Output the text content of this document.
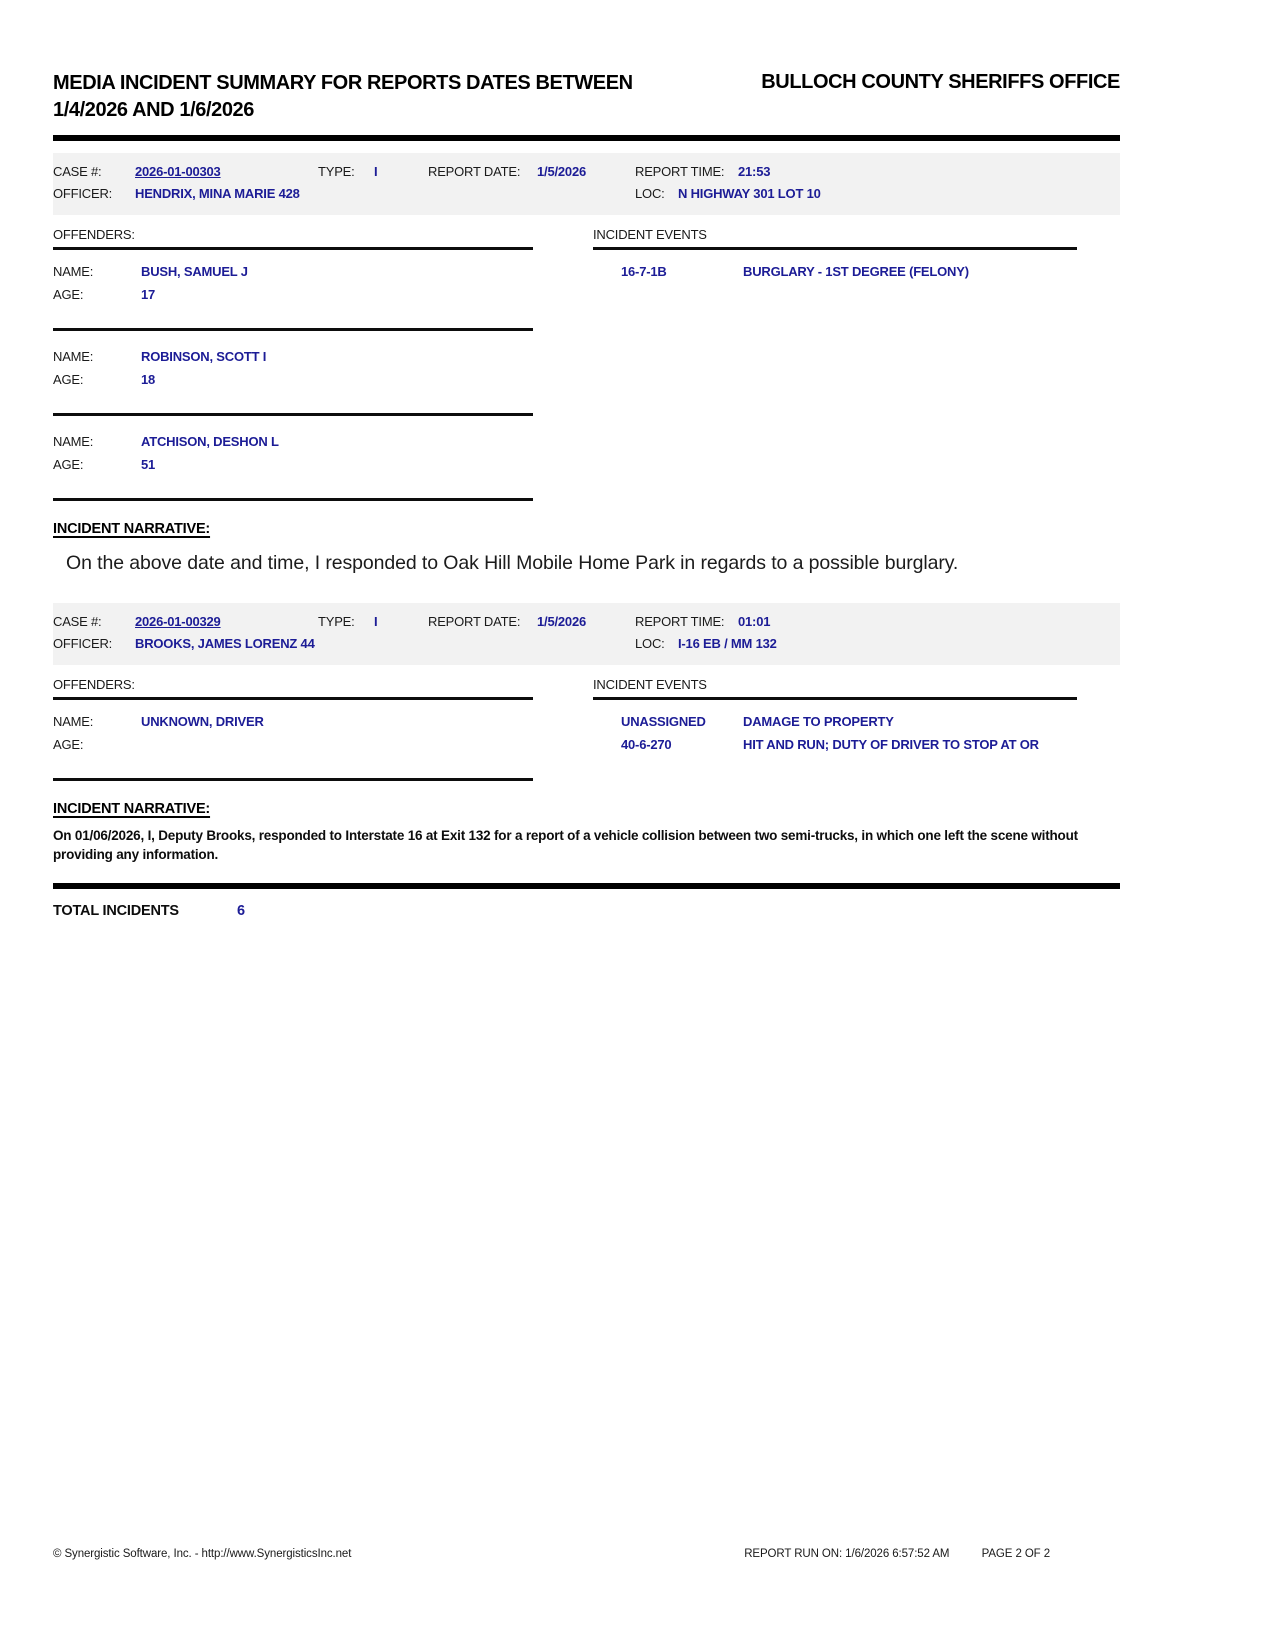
MEDIA INCIDENT SUMMARY FOR REPORTS DATES BETWEEN 1/4/2026 AND 1/6/2026
BULLOCH COUNTY SHERIFFS OFFICE
CASE #:	2026-01-00303	TYPE: I	REPORT DATE: 1/5/2026	REPORT TIME: 21:53
OFFICER: HENDRIX, MINA MARIE 428	LOC: N HIGHWAY 301 LOT 10
OFFENDERS:
NAME:	BUSH, SAMUEL J
AGE:	17
NAME:	ROBINSON, SCOTT I
AGE:	18
NAME:	ATCHISON, DESHON L
AGE:	51
INCIDENT EVENTS
16-7-1B	BURGLARY - 1ST DEGREE (FELONY)
INCIDENT NARRATIVE:
On the above date and time, I responded to Oak Hill Mobile Home Park in regards to a possible burglary.
CASE #:	2026-01-00329	TYPE: I	REPORT DATE: 1/5/2026	REPORT TIME: 01:01
OFFICER: BROOKS, JAMES LORENZ 44	LOC: I-16 EB / MM 132
OFFENDERS:
NAME:	UNKNOWN, DRIVER
AGE:
INCIDENT EVENTS
UNASSIGNED	DAMAGE TO PROPERTY
40-6-270	HIT AND RUN; DUTY OF DRIVER TO STOP AT OR
INCIDENT NARRATIVE:
On 01/06/2026, I, Deputy Brooks, responded to Interstate 16 at Exit 132 for a report of a vehicle collision between two semi-trucks, in which one left the scene without providing any information.
TOTAL INCIDENTS	6
© Synergistic Software, Inc. - http://www.SynergisticsInc.net	REPORT RUN ON: 1/6/2026 6:57:52 AM	PAGE 2 OF 2
